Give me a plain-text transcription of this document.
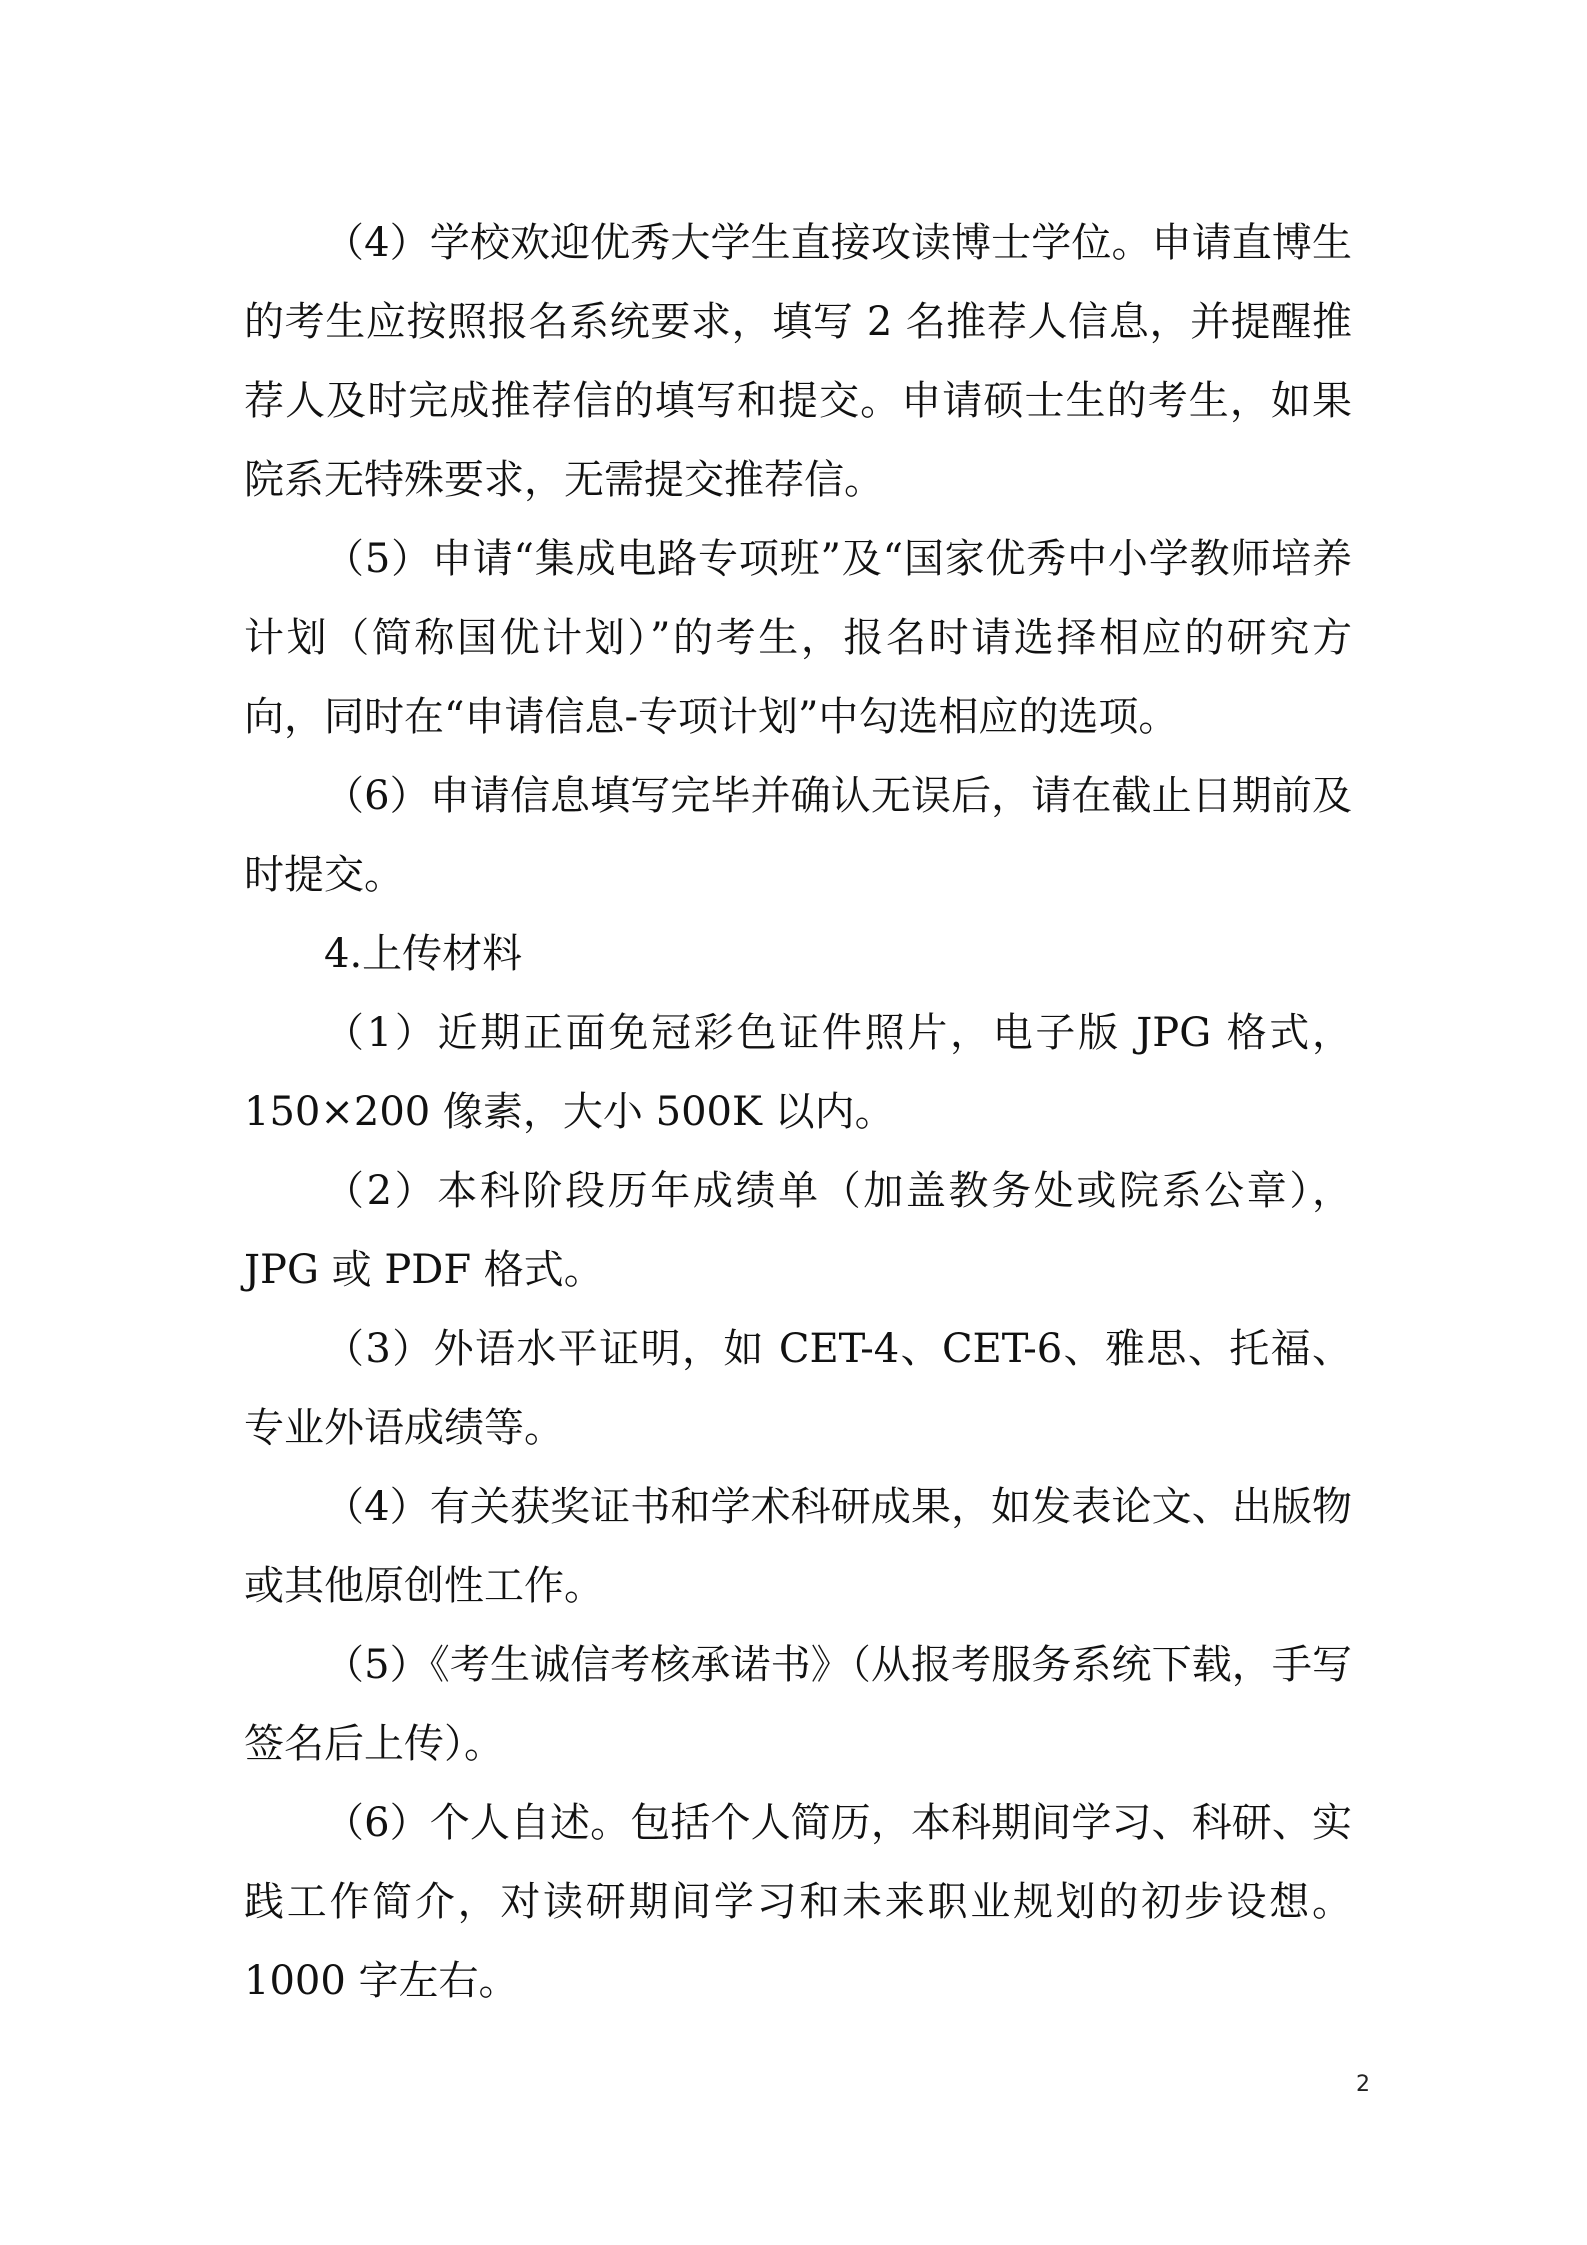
（4）学校欢迎优秀大学生直接攻读博士学位。申请直博生的考生应按照报名系统要求，填写 2 名推荐人信息，并提醒推荐人及时完成推荐信的填写和提交。申请硕士生的考生，如果院系无特殊要求，无需提交推荐信。

（5）申请“集成电路专项班”及“国家优秀中小学教师培养计划（简称国优计划）”的考生，报名时请选择相应的研究方向，同时在“申请信息-专项计划”中勾选相应的选项。

（6）申请信息填写完毕并确认无误后，请在截止日期前及时提交。

4.上传材料

（1）近期正面免冠彩色证件照片，电子版 JPG 格式，150×200 像素，大小 500K 以内。

（2）本科阶段历年成绩单（加盖教务处或院系公章），JPG 或 PDF 格式。

（3）外语水平证明，如 CET-4、CET-6、雅思、托福、专业外语成绩等。

（4）有关获奖证书和学术科研成果，如发表论文、出版物或其他原创性工作。

（5）《考生诚信考核承诺书》（从报考服务系统下载，手写签名后上传）。

（6）个人自述。包括个人简历，本科期间学习、科研、实践工作简介，对读研期间学习和未来职业规划的初步设想。1000 字左右。

2
